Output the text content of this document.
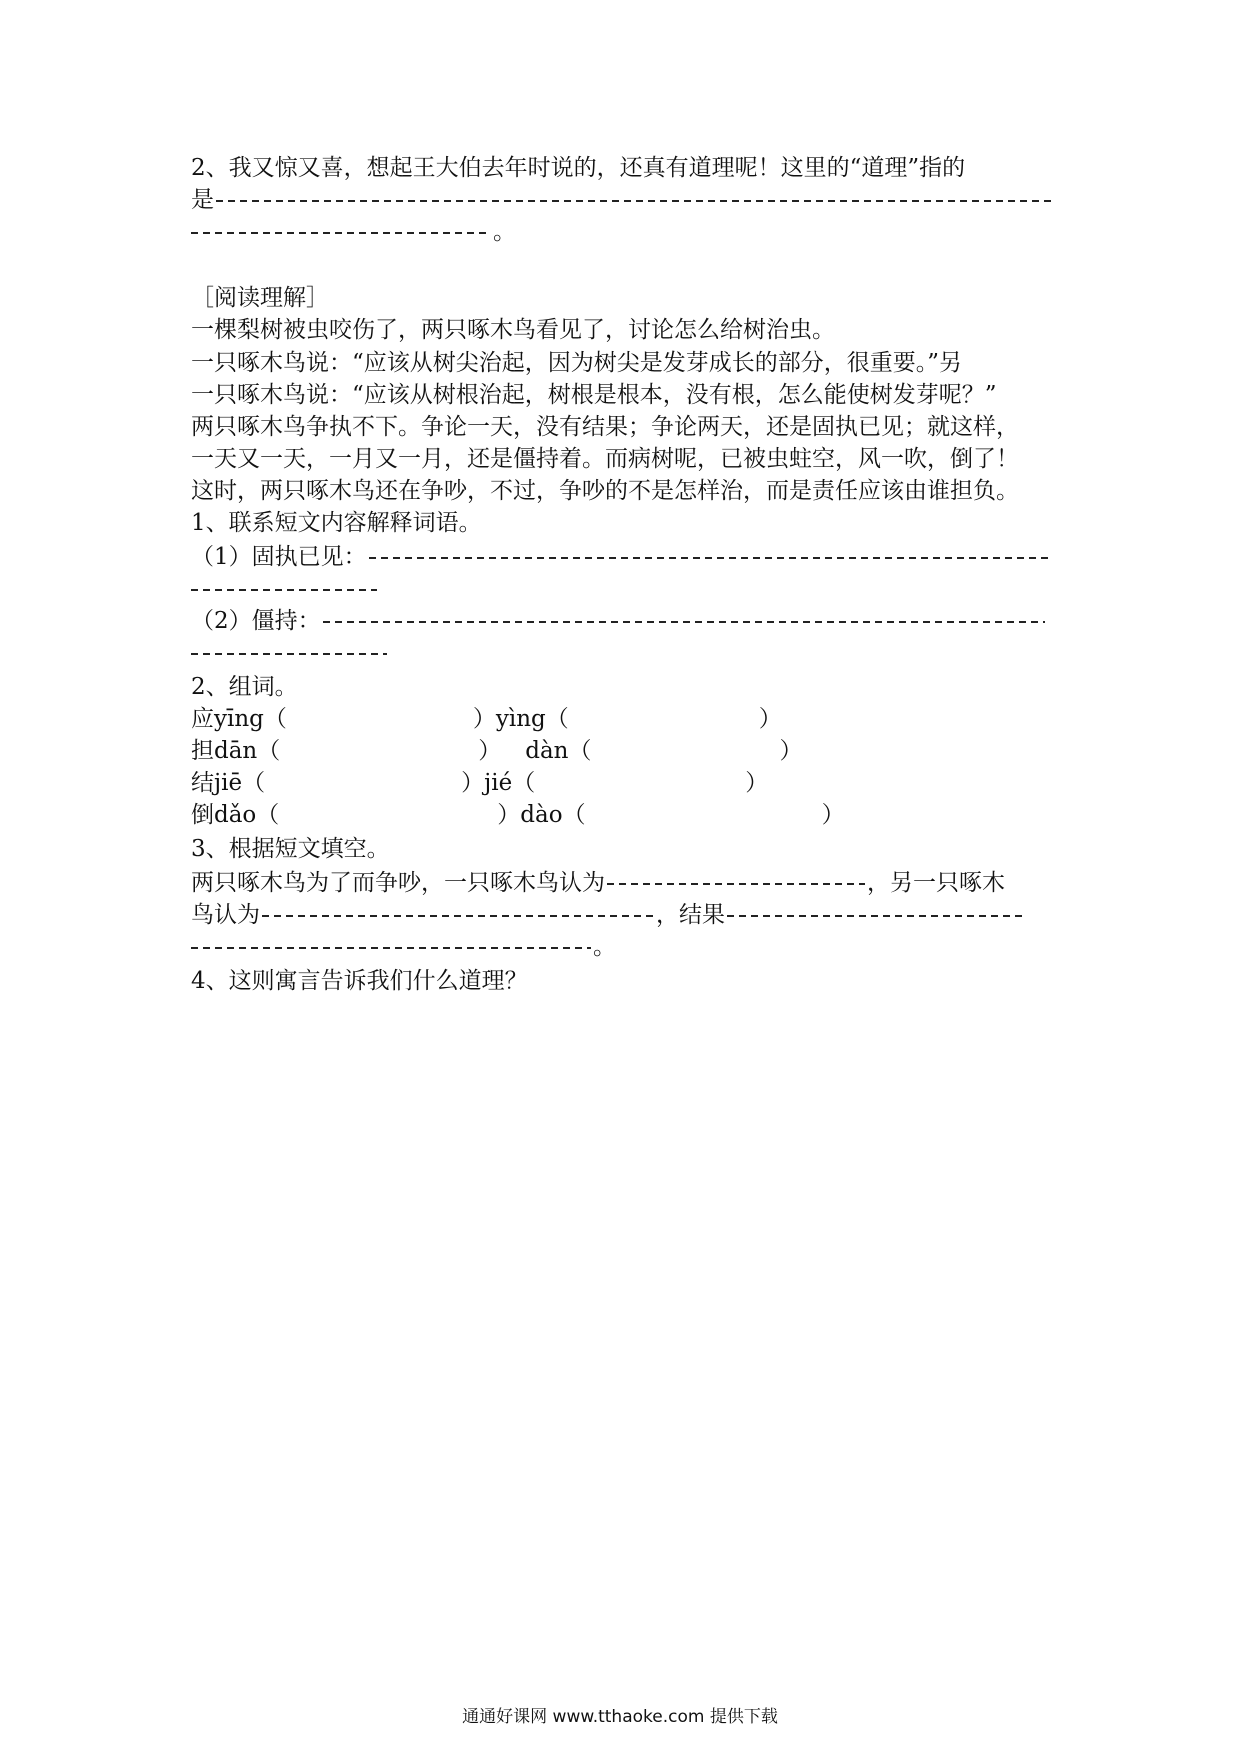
2、我又惊又喜，想起王大伯去年时说的，还真有道理呢！这里的“道理”指的
是
。
［阅读理解］
一棵梨树被虫咬伤了，两只啄木鸟看见了，讨论怎么给树治虫。
一只啄木鸟说：“应该从树尖治起，因为树尖是发芽成长的部分，很重要。”另
一只啄木鸟说：“应该从树根治起，树根是根本，没有根，怎么能使树发芽呢？”
两只啄木鸟争执不下。争论一天，没有结果；争论两天，还是固执已见；就这样，
一天又一天，一月又一月，还是僵持着。而病树呢，已被虫蛀空，风一吹，倒了！
这时，两只啄木鸟还在争吵，不过，争吵的不是怎样治，而是责任应该由谁担负。
1、联系短文内容解释词语。
（1）固执已见：
（2）僵持：
2、组词。
应yīng（	）yìng（	）
担dān（	） dàn（	）
结jiē（	）jié（	）
倒dǎo（	）dào（	）
3、根据短文填空。
两只啄木鸟为了而争吵，一只啄木鸟认为	，另一只啄木
鸟认为	，结果
。
4、这则寓言告诉我们什么道理？
通通好课网 www.tthaoke.com 提供下载
